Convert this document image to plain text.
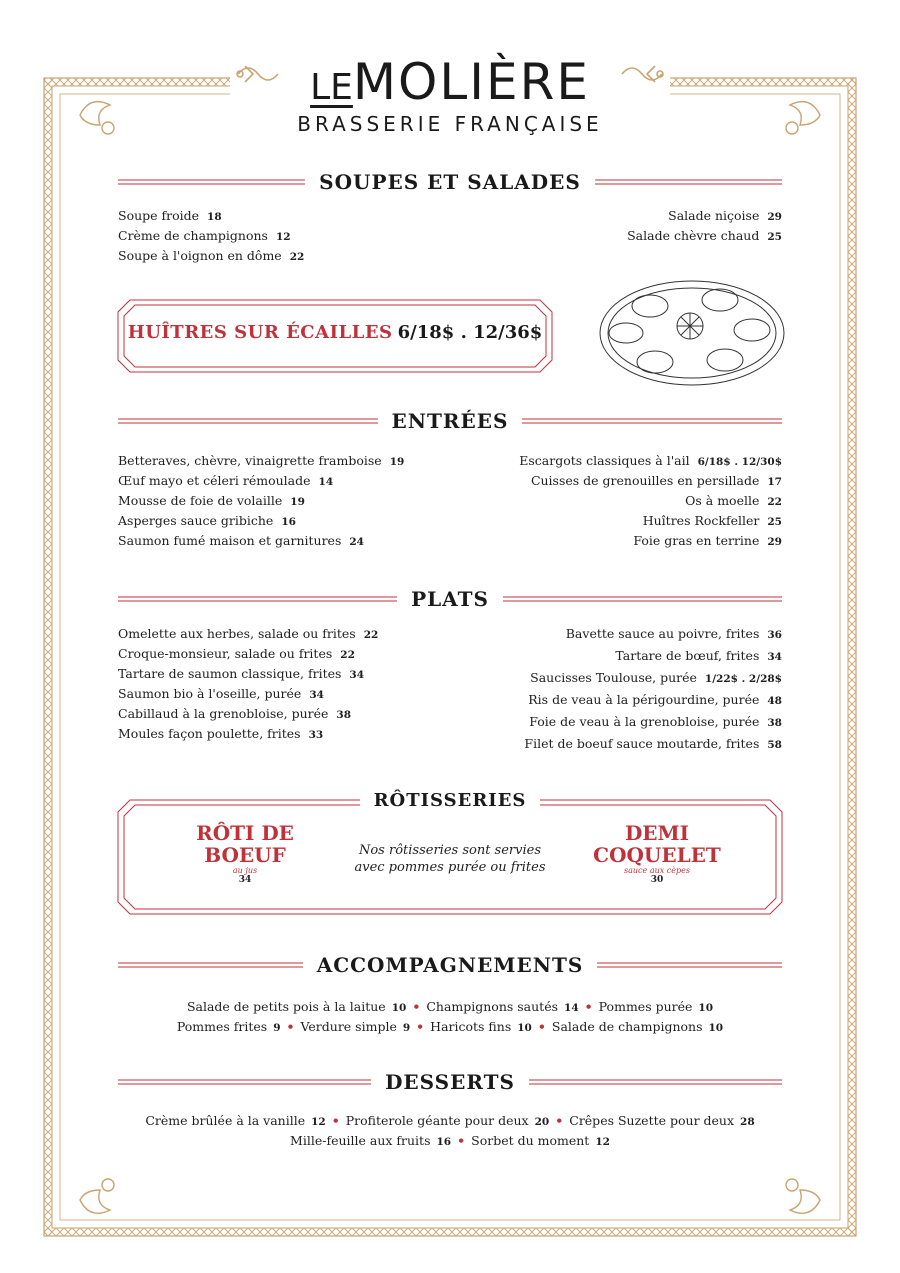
LEMOLIÈRE
BRASSERIE FRANÇAISE
SOUPES ET SALADES
Soupe froide 18
Crème de champignons 12
Soupe à l'oignon en dôme 22
Salade niçoise 29
Salade chèvre chaud 25
HUÎTRES SUR ÉCAILLES 6/18$ . 12/36$
ENTRÉES
Betteraves, chèvre, vinaigrette framboise 19
Œuf mayo et céleri rémoulade 14
Mousse de foie de volaille 19
Asperges sauce gribiche 16
Saumon fumé maison et garnitures 24
Escargots classiques à l'ail 6/18$ . 12/30$
Cuisses de grenouilles en persillade 17
Os à moelle 22
Huîtres Rockfeller 25
Foie gras en terrine 29
PLATS
Omelette aux herbes, salade ou frites 22
Croque-monsieur, salade ou frites 22
Tartare de saumon classique, frites 34
Saumon bio à l'oseille, purée 34
Cabillaud à la grenobloise, purée 38
Moules façon poulette, frites 33
Bavette sauce au poivre, frites 36
Tartare de bœuf, frites 34
Saucisses Toulouse, purée 1/22$ . 2/28$
Ris de veau à la périgourdine, purée 48
Foie de veau à la grenobloise, purée 38
Filet de boeuf sauce moutarde, frites 58
RÔTISSERIES
RÔTI DE
BOEUF
au jus
34
Nos rôtisseries sont servies
avec pommes purée ou frites
DEMI
COQUELET
sauce aux cèpes
30
ACCOMPAGNEMENTS
Salade de petits pois à la laitue 10 • Champignons sautés 14 • Pommes purée 10
Pommes frites 9 • Verdure simple 9 • Haricots fins 10 • Salade de champignons 10
DESSERTS
Crème brûlée à la vanille 12 • Profiterole géante pour deux 20 • Crêpes Suzette pour deux 28
Mille-feuille aux fruits 16 • Sorbet du moment 12
